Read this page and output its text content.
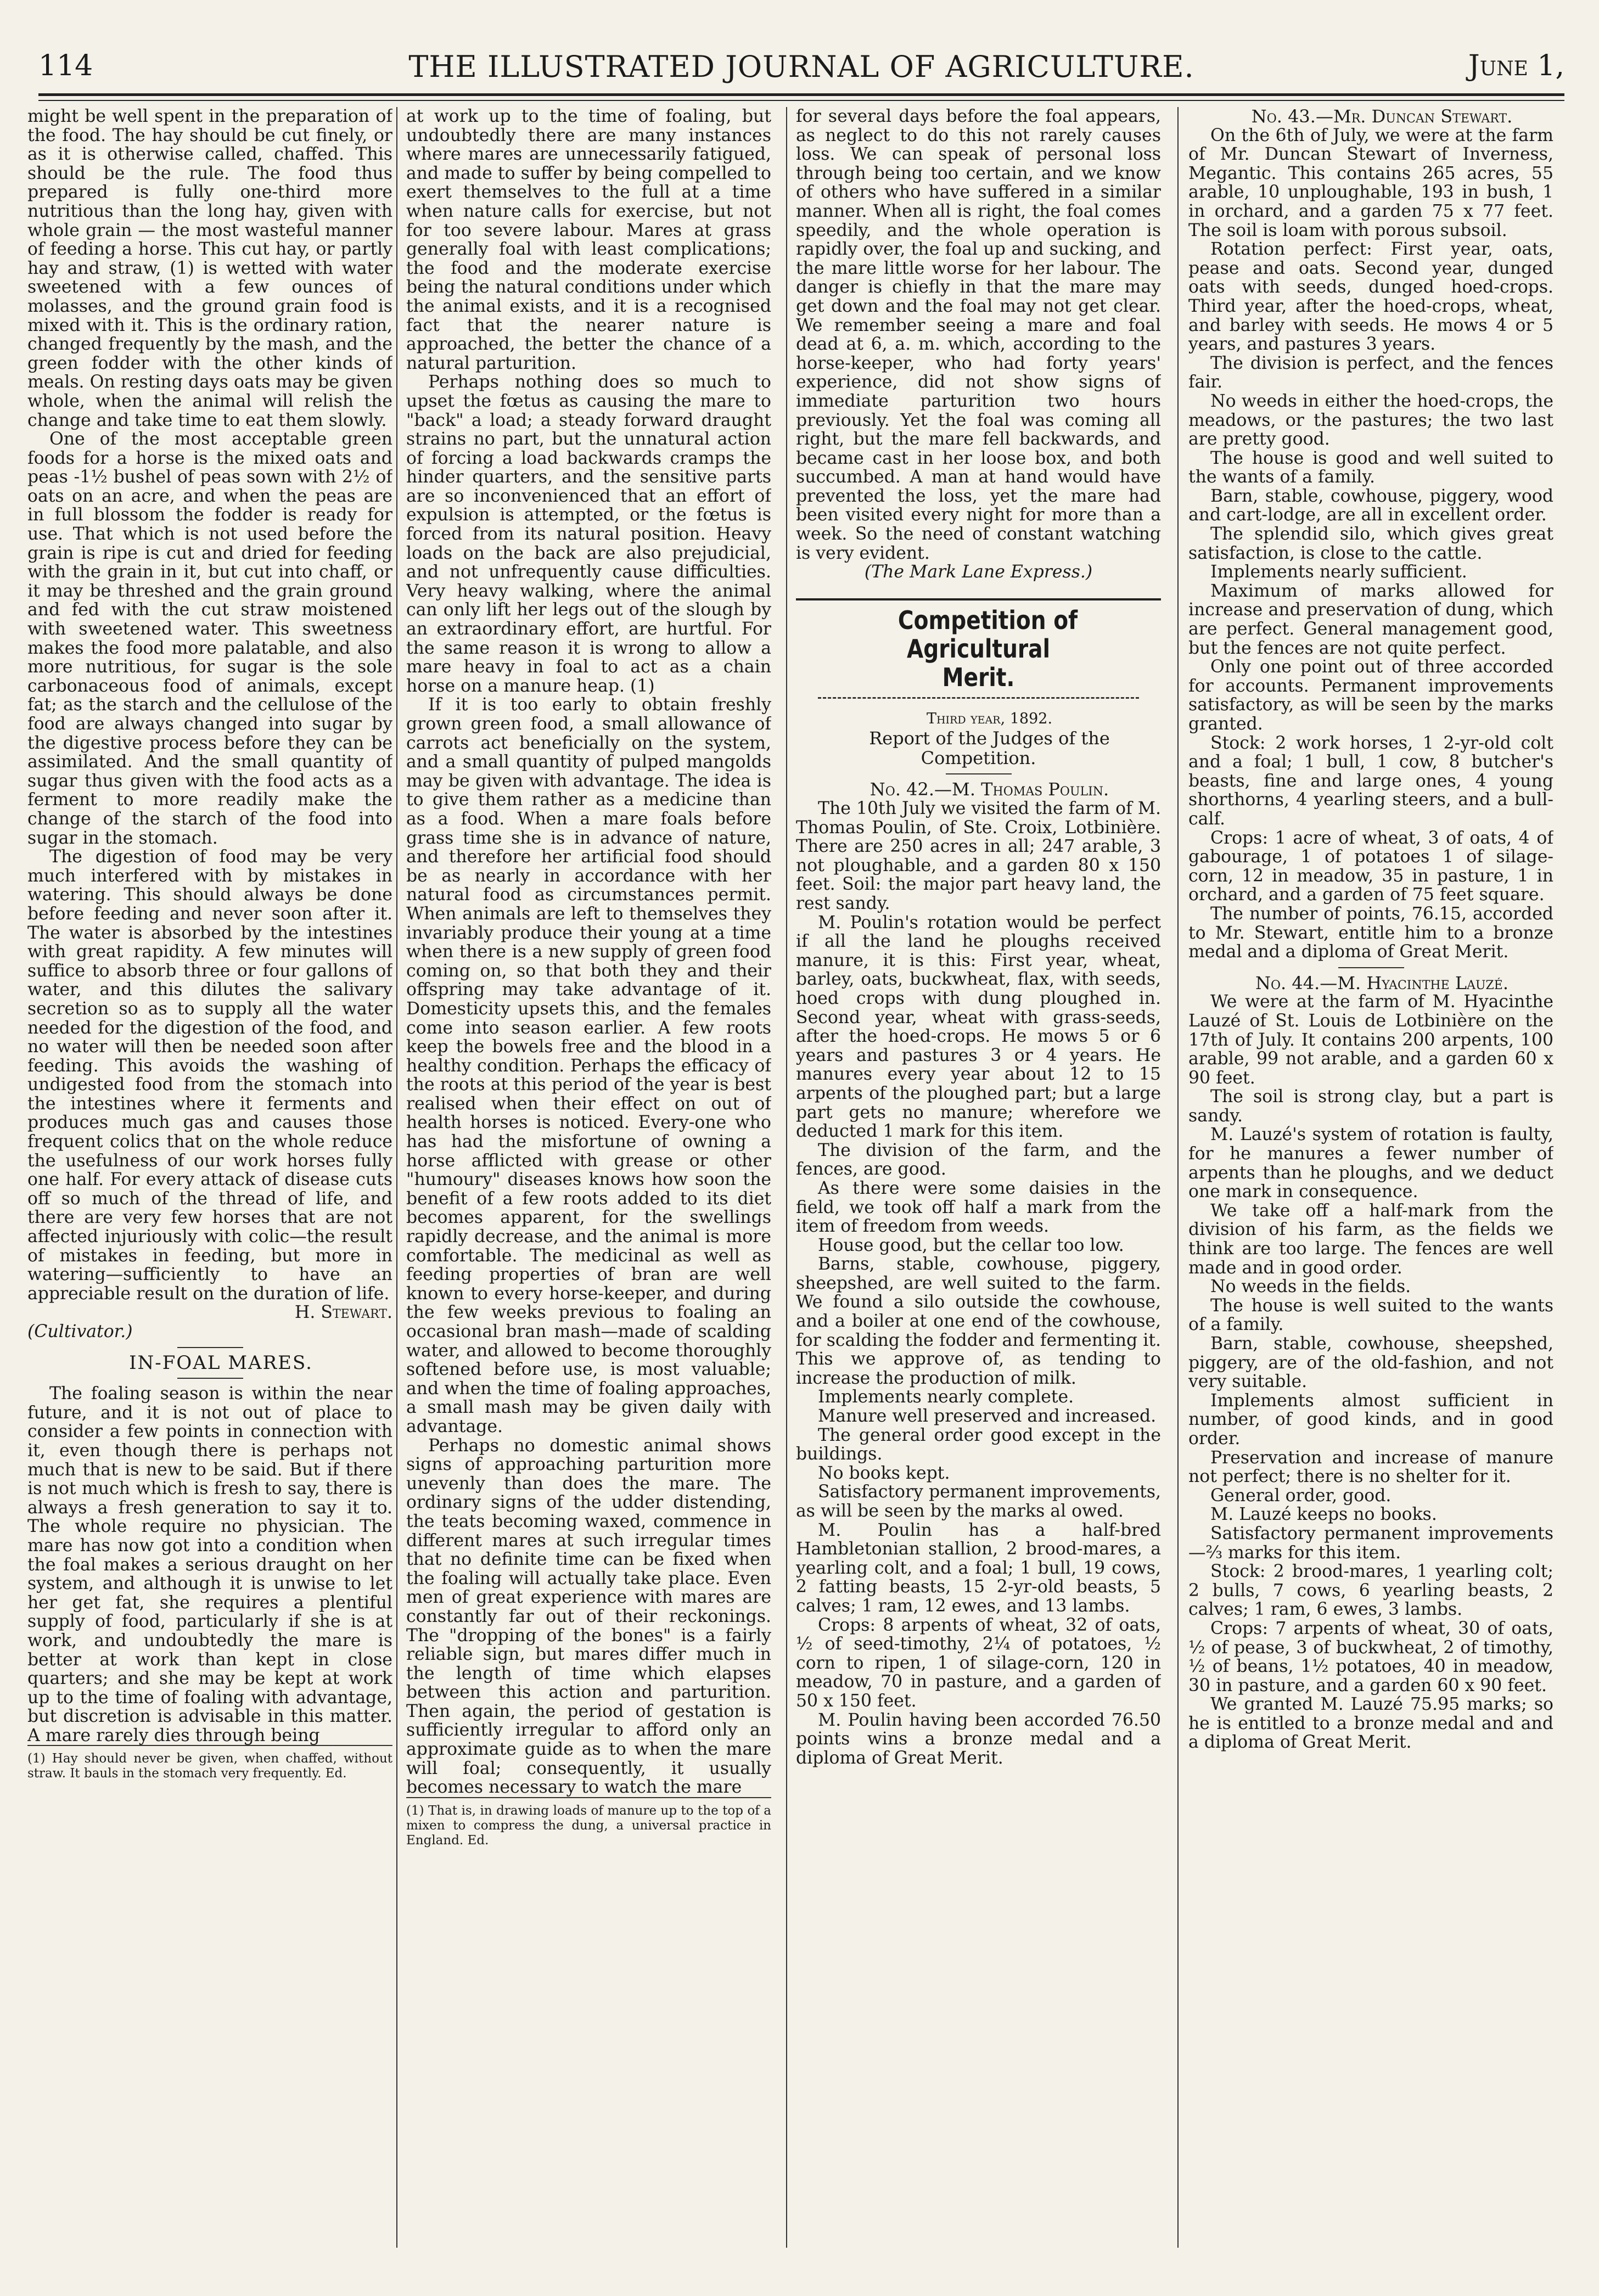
114	THE ILLUSTRATED JOURNAL OF AGRICULTURE.	June 1,

might be well spent in the preparation of the food. The hay should be cut finely, or as it is otherwise called, chaffed. This should be the rule. The food thus prepared is fully one-third more nutritious than the long hay, given with whole grain — the most wasteful manner of feeding a horse. This cut hay, or partly hay and straw, (1) is wetted with water sweetened with a few ounces of molasses, and the ground grain food is mixed with it. This is the ordinary ration, changed frequently by the mash, and the green fodder with the other kinds of meals. On resting days oats may be given whole, when the animal will relish the change and take time to eat them slowly.

One of the most acceptable green foods for a horse is the mixed oats and peas -1½ bushel of peas sown with 2½ of oats on an acre, and when the peas are in full blossom the fodder is ready for use. That which is not used before the grain is ripe is cut and dried for feeding with the grain in it, but cut into chaff, or it may be threshed and the grain ground and fed with the cut straw moistened with sweetened water. This sweetness makes the food more palatable, and also more nutritious, for sugar is the sole carbonaceous food of animals, except fat; as the starch and the cellulose of the food are always changed into sugar by the digestive process before they can be assimilated. And the small quantity of sugar thus given with the food acts as a ferment to more readily make the change of the starch of the food into sugar in the stomach.

The digestion of food may be very much interfered with by mistakes in watering. This should always be done before feeding and never soon after it. The water is absorbed by the intestines with great rapidity. A few minutes will suffice to absorb three or four gallons of water, and this dilutes the salivary secretion so as to supply all the water needed for the digestion of the food, and no water will then be needed soon after feeding. This avoids the washing of undigested food from the stomach into the intestines where it ferments and produces much gas and causes those frequent colics that on the whole reduce the usefulness of our work horses fully one half. For every attack of disease cuts off so much of the thread of life, and there are very few horses that are not affected injuriously with colic—the result of mistakes in feeding, but more in watering—sufficiently to have an appreciable result on the duration of life.

H. Stewart.

(Cultivator.)

IN-FOAL MARES.

The foaling season is within the near future, and it is not out of place to consider a few points in connection with it, even though there is perhaps not much that is new to be said. But if there is not much which is fresh to say, there is always a fresh generation to say it to. The whole require no physician. The mare has now got into a condition when the foal makes a serious draught on her system, and although it is unwise to let her get fat, she requires a plentiful supply of food, particularly if she is at work, and undoubtedly the mare is better at work than kept in close quarters; and she may be kept at work up to the time of foaling with advantage, but discretion is advisable in this matter. A mare rarely dies through being

(1) Hay should never be given, when chaffed, without straw. It bauls in the stomach very frequently. Ed.

at work up to the time of foaling, but undoubtedly there are many instances where mares are unnecessarily fatigued, and made to suffer by being compelled to exert themselves to the full at a time when nature calls for exercise, but not for too severe labour. Mares at grass generally foal with least complications; the food and the moderate exercise being the natural conditions under which the animal exists, and it is a recognised fact that the nearer nature is approached, the better the chance of a natural parturition.

Perhaps nothing does so much to upset the fœtus as causing the mare to "back" a load; a steady forward draught strains no part, but the unnatural action of forcing a load backwards cramps the hinder quarters, and the sensitive parts are so inconvenienced that an effort of expulsion is attempted, or the fœtus is forced from its natural position. Heavy loads on the back are also prejudicial, and not unfrequently cause difficulties. Very heavy walking, where the animal can only lift her legs out of the slough by an extraordinary effort, are hurtful. For the same reason it is wrong to allow a mare heavy in foal to act as a chain horse on a manure heap. (1)

If it is too early to obtain freshly grown green food, a small allowance of carrots act beneficially on the system, and a small quantity of pulped mangolds may be given with advantage. The idea is to give them rather as a medicine than as a food. When a mare foals before grass time she is in advance of nature, and therefore her artificial food should be as nearly in accordance with her natural food as circumstances permit. When animals are left to themselves they invariably produce their young at a time when there is a new supply of green food coming on, so that both they and their offspring may take advantage of it. Domesticity upsets this, and the females come into season earlier. A few roots keep the bowels free and the blood in a healthy condition. Perhaps the efficacy of the roots at this period of the year is best realised when their effect on out of health horses is noticed. Every-one who has had the misfortune of owning a horse afflicted with grease or other "humoury" diseases knows how soon the benefit of a few roots added to its diet becomes apparent, for the swellings rapidly decrease, and the animal is more comfortable. The medicinal as well as feeding properties of bran are well known to every horse-keeper, and during the few weeks previous to foaling an occasional bran mash—made of scalding water, and allowed to become thoroughly softened before use, is most valuable; and when the time of foaling approaches, a small mash may be given daily with advantage.

Perhaps no domestic animal shows signs of approaching parturition more unevenly than does the mare. The ordinary signs of the udder distending, the teats becoming waxed, commence in different mares at such irregular times that no definite time can be fixed when the foaling will actually take place. Even men of great experience with mares are constantly far out of their reckonings. The "dropping of the bones" is a fairly reliable sign, but mares differ much in the length of time which elapses between this action and parturition. Then again, the period of gestation is sufficiently irregular to afford only an approximate guide as to when the mare will foal; consequently, it usually becomes necessary to watch the mare

(1) That is, in drawing loads of manure up to the top of a mixen to compress the dung, a universal practice in England. Ed.

for several days before the foal appears, as neglect to do this not rarely causes loss. We can speak of personal loss through being too certain, and we know of others who have suffered in a similar manner. When all is right, the foal comes speedily, and the whole operation is rapidly over, the foal up and sucking, and the mare little worse for her labour. The danger is chiefly in that the mare may get down and the foal may not get clear. We remember seeing a mare and foal dead at 6, a. m. which, according to the horse-keeper, who had forty years' experience, did not show signs of immediate parturition two hours previously. Yet the foal was coming all right, but the mare fell backwards, and became cast in her loose box, and both succumbed. A man at hand would have prevented the loss, yet the mare had been visited every night for more than a week. So the need of constant watching is very evident.

(The Mark Lane Express.)

Competition of Agricultural
Merit.

Third year, 1892.

Report of the Judges of the Competition.

No. 42.—M. Thomas Poulin.

The 10th July we visited the farm of M. Thomas Poulin, of Ste. Croix, Lotbinière. There are 250 acres in all; 247 arable, 3 not ploughable, and a garden 80 x 150 feet. Soil: the major part heavy land, the rest sandy.

M. Poulin's rotation would be perfect if all the land he ploughs received manure, it is this: First year, wheat, barley, oats, buckwheat, flax, with seeds, hoed crops with dung ploughed in. Second year, wheat with grass-seeds, after the hoed-crops. He mows 5 or 6 years and pastures 3 or 4 years. He manures every year about 12 to 15 arpents of the ploughed part; but a large part gets no manure; wherefore we deducted 1 mark for this item.

The division of the farm, and the fences, are good.

As there were some daisies in the field, we took off half a mark from the item of freedom from weeds.

House good, but the cellar too low.

Barns, stable, cowhouse, piggery, sheepshed, are well suited to the farm. We found a silo outside the cowhouse, and a boiler at one end of the cowhouse, for scalding the fodder and fermenting it. This we approve of, as tending to increase the production of milk.

Implements nearly complete.

Manure well preserved and increased.

The general order good except in the buildings.

No books kept.

Satisfactory permanent improvements, as will be seen by the marks al owed.

M. Poulin has a half-bred Hambletonian stallion, 2 brood-mares, a yearling colt, and a foal; 1 bull, 19 cows, 2 fatting beasts, 15 2-yr-old beasts, 5 calves; 1 ram, 12 ewes, and 13 lambs.

Crops: 8 arpents of wheat, 32 of oats, ½ of seed-timothy, 2¼ of potatoes, ½ corn to ripen, 1 of silage-corn, 120 in meadow, 70 in pasture, and a garden of 50 x 150 feet.

M. Poulin having been accorded 76.50 points wins a bronze medal and a diploma of Great Merit.

No. 43.—Mr. Duncan Stewart.

On the 6th of July, we were at the farm of Mr. Duncan Stewart of Inverness, Megantic. This contains 265 acres, 55 arable, 10 unploughable, 193 in bush, 1 in orchard, and a garden 75 x 77 feet. The soil is loam with porous subsoil.

Rotation perfect: First year, oats, pease and oats. Second year, dunged oats with seeds, dunged hoed-crops. Third year, after the hoed-crops, wheat, and barley with seeds. He mows 4 or 5 years, and pastures 3 years.

The division is perfect, and the fences fair.

No weeds in either the hoed-crops, the meadows, or the pastures; the two last are pretty good.

The house is good and well suited to the wants of a family.

Barn, stable, cowhouse, piggery, wood and cart-lodge, are all in excellent order.

The splendid silo, which gives great satisfaction, is close to the cattle.

Implements nearly sufficient.

Maximum of marks allowed for increase and preservation of dung, which are perfect. General management good, but the fences are not quite perfect.

Only one point out of three accorded for accounts. Permanent improvements satisfactory, as will be seen by the marks granted.

Stock: 2 work horses, 1 2-yr-old colt and a foal; 1 bull, 1 cow, 8 butcher's beasts, fine and large ones, 4 young shorthorns, 4 yearling steers, and a bull-calf.

Crops: 1 acre of wheat, 3 of oats, 4 of gabourage, 1 of potatoes 1 of silage-corn, 12 in meadow, 35 in pasture, 1 in orchard, and a garden of 75 feet square.

The number of points, 76.15, accorded to Mr. Stewart, entitle him to a bronze medal and a diploma of Great Merit.

No. 44.—M. Hyacinthe Lauzé.

We were at the farm of M. Hyacinthe Lauzé of St. Louis de Lotbinière on the 17th of July. It contains 200 arpents, 100 arable, 99 not arable, and a garden 60 x 90 feet.

The soil is strong clay, but a part is sandy.

M. Lauzé's system of rotation is faulty, for he manures a fewer number of arpents than he ploughs, and we deduct one mark in consequence.

We take off a half-mark from the division of his farm, as the fields we think are too large. The fences are well made and in good order.

No weeds in the fields.

The house is well suited to the wants of a family.

Barn, stable, cowhouse, sheepshed, piggery, are of the old-fashion, and not very suitable.

Implements almost sufficient in number, of good kinds, and in good order.

Preservation and increase of manure not perfect; there is no shelter for it.

General order, good.

M. Lauzé keeps no books.

Satisfactory permanent improvements—⅔ marks for this item.

Stock: 2 brood-mares, 1 yearling colt; 2 bulls, 7 cows, 6 yearling beasts, 2 calves; 1 ram, 6 ewes, 3 lambs.

Crops: 7 arpents of wheat, 30 of oats, ½ of pease, 3 of buckwheat, 2 of timothy, ½ of beans, 1½ potatoes, 40 in meadow, 30 in pasture, and a garden 60 x 90 feet.

We granted M. Lauzé 75.95 marks; so he is entitled to a bronze medal and and a diploma of Great Merit.
